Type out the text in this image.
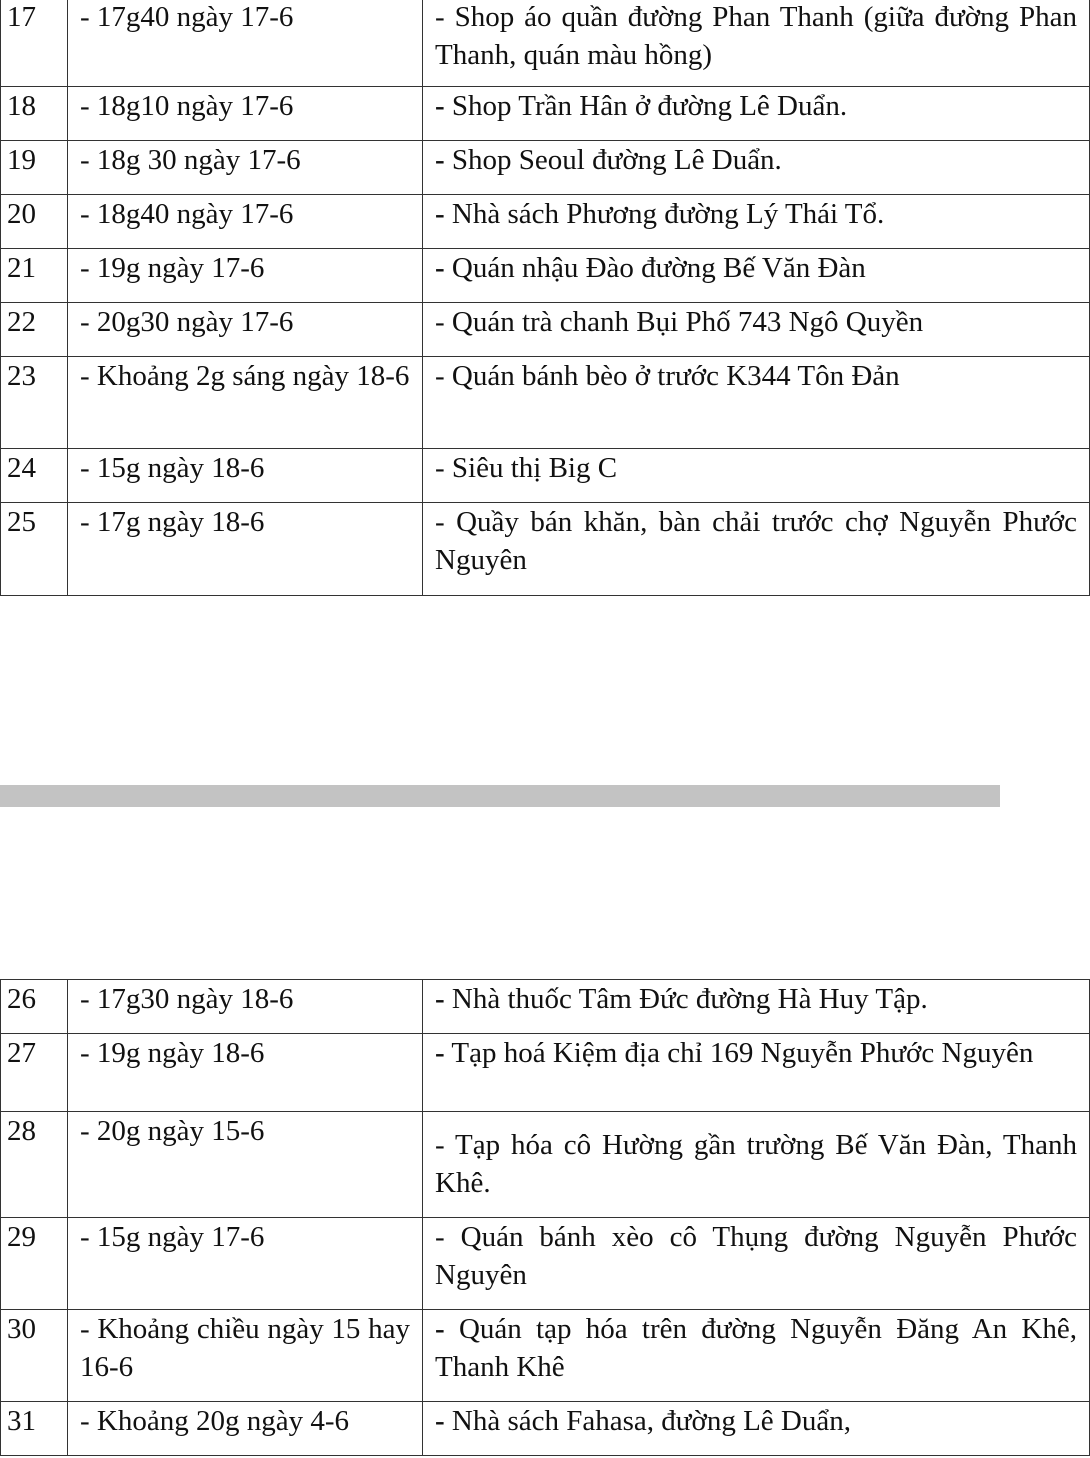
17	- 17g40 ngày 17-6	- Shop áo quần đường Phan Thanh (giữa đường Phan Thanh, quán màu hồng)
18	- 18g10 ngày 17-6	- Shop Trần Hân ở đường Lê Duẩn.
19	- 18g 30 ngày 17-6	- Shop Seoul đường Lê Duẩn.
20	- 18g40 ngày 17-6	- Nhà sách Phương đường Lý Thái Tổ.
21	- 19g ngày 17-6	- Quán nhậu Đào đường Bế Văn Đàn
22	- 20g30 ngày 17-6	- Quán trà chanh Bụi Phố 743 Ngô Quyền
23	- Khoảng 2g sáng ngày 18-6	- Quán bánh bèo ở trước K344 Tôn Đản
24	- 15g ngày 18-6	- Siêu thị Big C
25	- 17g ngày 18-6	- Quầy bán khăn, bàn chải trước chợ Nguyễn Phước Nguyên
26	- 17g30 ngày 18-6	- Nhà thuốc Tâm Đức đường Hà Huy Tập.
27	- 19g ngày 18-6	- Tạp hoá Kiệm địa chỉ 169 Nguyễn Phước Nguyên
28	- 20g ngày 15-6	- Tạp hóa cô Hường gần trường Bế Văn Đàn, Thanh Khê.
29	- 15g ngày 17-6	- Quán bánh xèo cô Thụng đường Nguyễn Phước Nguyên
30	- Khoảng chiều ngày 15 hay 16-6	- Quán tạp hóa trên đường Nguyễn Đăng An Khê, Thanh Khê
31	- Khoảng 20g ngày 4-6	- Nhà sách Fahasa, đường Lê Duẩn,
